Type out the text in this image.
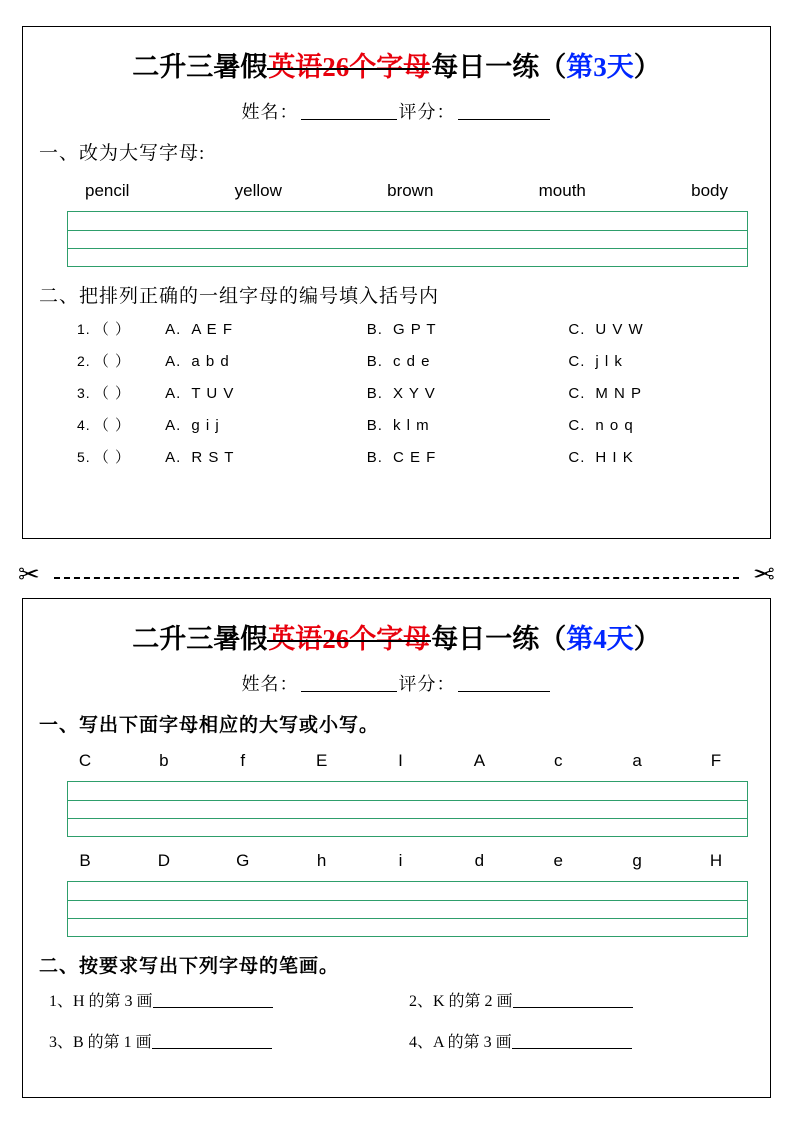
二升三暑假英语26个字母每日一练（第3天）
姓名：	评分：
一、改为大写字母:
pencil	yellow	brown	mouth	body
二、把排列正确的一组字母的编号填入括号内
1. （ ）	A. A E F	B. G P T	C. U V W
2. （ ）	A. a b d	B. c d e	C. j l k
3. （ ）	A. T U V	B. X Y V	C. M N P
4. （ ）	A. g i j	B. k l m	C. n o q
5. （ ）	A. R S T	B. C E F	C. H I K
✂	✂
二升三暑假英语26个字母每日一练（第4天）
姓名：	评分：
一、写出下面字母相应的大写或小写。
C	b	f	E	I	A	c	a	F
B	D	G	h	i	d	e	g	H
二、按要求写出下列字母的笔画。
1、H 的第 3 画	2、K 的第 2 画
3、B 的第 1 画	4、A 的第 3 画
